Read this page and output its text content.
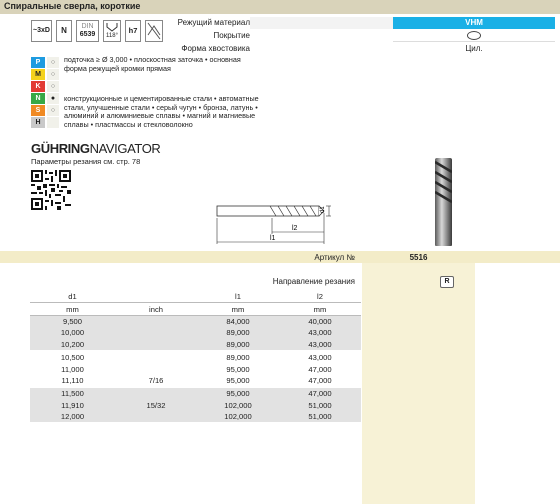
Спиральные сверла, короткие
~3xD	N	DIN
6539	118°
h7
Режущий материал	VHM
Покрытие
Форма хвостовика	Цил.
P	○
M	○
K	○
N	●
S	○
H
подточка ≥ Ø 3,000 • плоскостная заточка • основная форма режущей кромки прямая
конструкционные и цементированные стали • автоматные стали, улучшенные стали • серый чугун • бронза, латунь • алюминий и алюминиевые сплавы • магний и магниевые сплавы • пластмассы и стекловолокно
GÜHRINGNAVIGATOR
Параметры резания см. стр. 78
l2
l1
d1
Артикул №	5516
Направление резания	R
d1		l1	l2
mm	inch	mm	mm
9,500		84,000	40,000
10,000		89,000	43,000
10,200		89,000	43,000

10,500		89,000	43,000
11,000		95,000	47,000
11,110	7/16	95,000	47,000

11,500		95,000	47,000
11,910	15/32	102,000	51,000
12,000		102,000	51,000
